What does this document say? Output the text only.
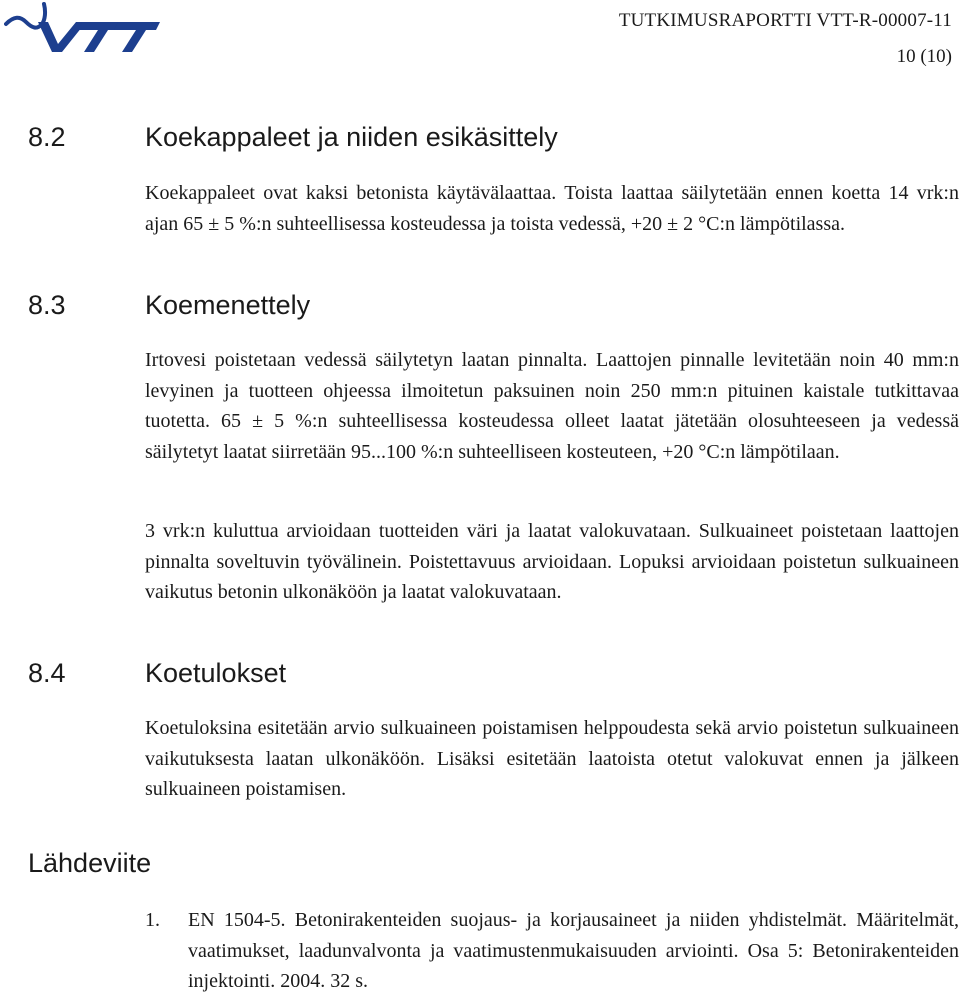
TUTKIMUSRAPORTTI VTT-R-00007-11
10 (10)
8.2	Koekappaleet ja niiden esikäsittely

Koekappaleet ovat kaksi betonista käytävälaattaa. Toista laattaa säilytetään ennen koetta 14 vrk:n ajan 65 ± 5 %:n suhteellisessa kosteudessa ja toista vedessä, +20 ± 2 °C:n lämpötilassa.

8.3	Koemenettely

Irtovesi poistetaan vedessä säilytetyn laatan pinnalta. Laattojen pinnalle levitetään noin 40 mm:n levyinen ja tuotteen ohjeessa ilmoitetun paksuinen noin 250 mm:n pituinen kaistale tutkittavaa tuotetta. 65 ± 5 %:n suhteellisessa kosteudessa olleet laatat jätetään olosuhteeseen ja vedessä säilytetyt laatat siirretään 95...100 %:n suhteelliseen kosteuteen, +20 °C:n lämpötilaan.

3 vrk:n kuluttua arvioidaan tuotteiden väri ja laatat valokuvataan. Sulkuaineet poistetaan laattojen pinnalta soveltuvin työvälinein. Poistettavuus arvioidaan. Lopuksi arvioidaan poistetun sulkuaineen vaikutus betonin ulkonäköön ja laatat valokuvataan.

8.4	Koetulokset

Koetuloksina esitetään arvio sulkuaineen poistamisen helppoudesta sekä arvio poistetun sulkuaineen vaikutuksesta laatan ulkonäköön. Lisäksi esitetään laatoista otetut valokuvat ennen ja jälkeen sulkuaineen poistamisen.

Lähdeviite
1. EN 1504-5. Betonirakenteiden suojaus- ja korjausaineet ja niiden yhdistelmät. Määritelmät, vaatimukset, laadunvalvonta ja vaatimustenmukaisuuden arviointi. Osa 5: Betonirakenteiden injektointi. 2004. 32 s.
